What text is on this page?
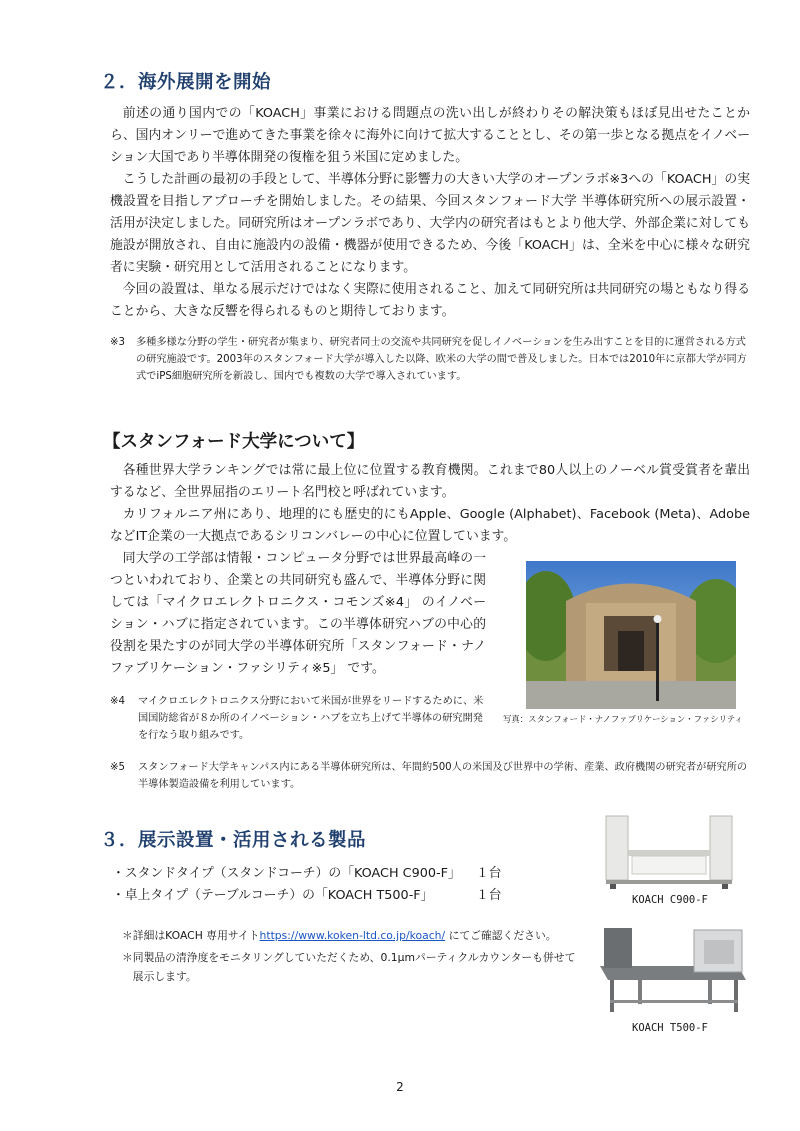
２．海外展開を開始

前述の通り国内での「KOACH」事業における問題点の洗い出しが終わりその解決策もほぼ見出せたことから、国内オンリーで進めてきた事業を徐々に海外に向けて拡大することとし、その第一歩となる拠点をイノベーション大国であり半導体開発の復権を狙う米国に定めました。

こうした計画の最初の手段として、半導体分野に影響力の大きい大学のオープンラボ※3への「KOACH」の実機設置を目指しアプローチを開始しました。その結果、今回スタンフォード大学 半導体研究所への展示設置・活用が決定しました。同研究所はオープンラボであり、大学内の研究者はもとより他大学、外部企業に対しても施設が開放され、自由に施設内の設備・機器が使用できるため、今後「KOACH」は、全米を中心に様々な研究者に実験・研究用として活用されることになります。

今回の設置は、単なる展示だけではなく実際に使用されること、加えて同研究所は共同研究の場ともなり得ることから、大きな反響を得られるものと期待しております。

※3 多種多様な分野の学生・研究者が集まり、研究者同士の交流や共同研究を促しイノベーションを生み出すことを目的に運営される方式の研究施設です。2003年のスタンフォード大学が導入した以降、欧米の大学の間で普及しました。日本では2010年に京都大学が同方式でiPS細胞研究所を新設し、国内でも複数の大学で導入されています。
【スタンフォード大学について】

各種世界大学ランキングでは常に最上位に位置する教育機関。これまで80人以上のノーベル賞受賞者を輩出するなど、全世界屈指のエリート名門校と呼ばれています。

カリフォルニア州にあり、地理的にも歴史的にもApple、Google (Alphabet)、Facebook (Meta)、AdobeなどIT企業の一大拠点であるシリコンバレーの中心に位置しています。

同大学の工学部は情報・コンピュータ分野では世界最高峰の一つといわれており、企業との共同研究も盛んで、半導体分野に関しては「マイクロエレクトロニクス・コモンズ※4」 のイノベーション・ハブに指定されています。この半導体研究ハブの中心的役割を果たすのが同大学の半導体研究所「スタンフォード・ナノファブリケーション・ファシリティ※5」 です。

写真：スタンフォード・ナノファブリケーション・ファシリティ
※4 マイクロエレクトロニクス分野において米国が世界をリードするために、米国国防総省が８か所のイノベーション・ハブを立ち上げて半導体の研究開発を行なう取り組みです。
※5 スタンフォード大学キャンパス内にある半導体研究所は、年間約500人の米国及び世界中の学術、産業、政府機関の研究者が研究所の半導体製造設備を利用しています。
３．展示設置・活用される製品
・スタンドタイプ（スタンドコーチ）の「KOACH C900-F」 １台
・卓上タイプ（テーブルコーチ）の「KOACH T500-F」	１台
＊詳細はKOACH 専用サイトhttps://www.koken-ltd.co.jp/koach/ にてご確認ください。
＊同製品の清浄度をモニタリングしていただくため、0.1μmパーティクルカウンターも併せて展示します。
KOACH C900-F
KOACH T500-F
2
